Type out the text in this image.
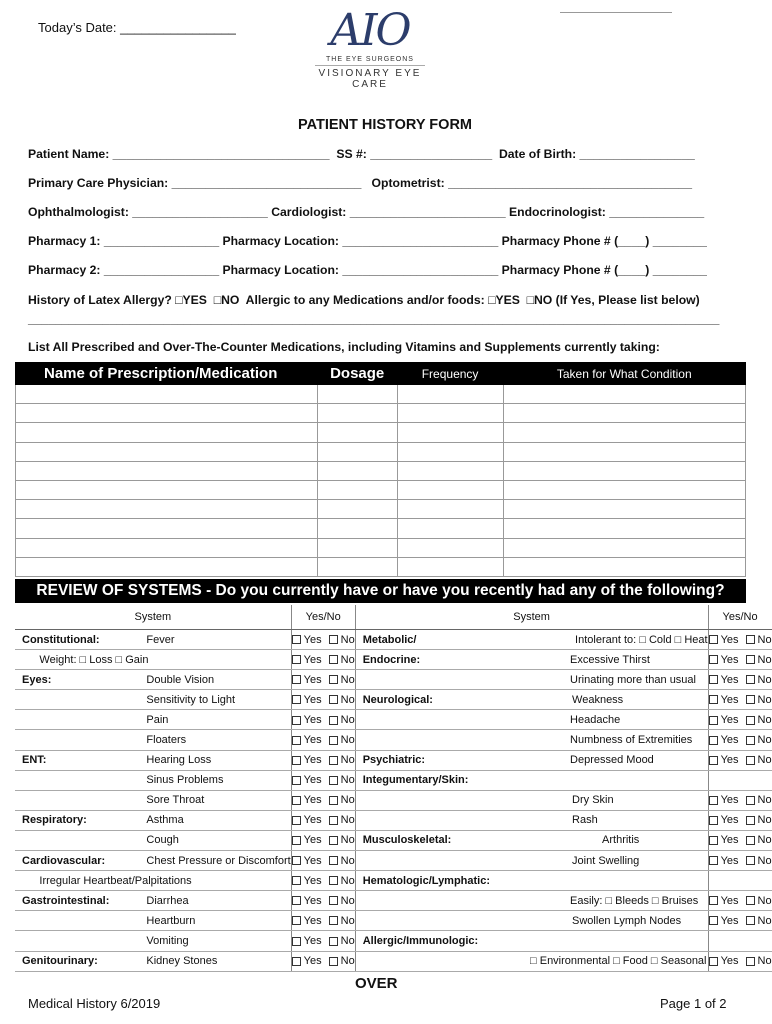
Today’s Date: ________________	AIO
THE EYE SURGEONS
VISIONARY EYE CARE
PATIENT HISTORY FORM
Patient Name: ________________________________  SS #: __________________  Date of Birth: _________________
Primary Care Physician: ____________________________   Optometrist: ____________________________________
Ophthalmologist: ____________________ Cardiologist: _______________________ Endocrinologist: ______________
Pharmacy 1: _________________ Pharmacy Location: _______________________ Pharmacy Phone # (____) ________
Pharmacy 2: _________________ Pharmacy Location: _______________________ Pharmacy Phone # (____) ________
History of Latex Allergy? □YES  □NO  Allergic to any Medications and/or foods: □YES  □NO (If Yes, Please list below)
______________________________________________________________________________________________________
List All Prescribed and Over-The-Counter Medications, including Vitamins and Supplements currently taking:
Name of Prescription/Medication	Dosage	Frequency	Taken for What Condition

REVIEW OF SYSTEMS - Do you currently have or have you recently had any of the following?
System		Yes/No	System		Yes/No
Constitutional:	Fever	Yes No	Metabolic/	Intolerant to: □ Cold □ Heat	Yes No
	Weight: □ Loss □ Gain	Yes No	Endocrine:	Excessive Thirst	Yes No
Eyes:	Double Vision	Yes No		Urinating more than usual	Yes No
	Sensitivity to Light	Yes No	Neurological:	Weakness	Yes No
	Pain	Yes No		Headache	Yes No
	Floaters	Yes No		Numbness of Extremities	Yes No
ENT:	Hearing Loss	Yes No	Psychiatric:	Depressed Mood	Yes No
	Sinus Problems	Yes No	Integumentary/Skin:		
	Sore Throat	Yes No		Dry Skin	Yes No
Respiratory:	Asthma	Yes No		Rash	Yes No
	Cough	Yes No	Musculoskeletal:	Arthritis	Yes No
Cardiovascular:	Chest Pressure or Discomfort	Yes No		Joint Swelling	Yes No
	Irregular Heartbeat/Palpitations	Yes No	Hematologic/Lymphatic:		
Gastrointestinal:	Diarrhea	Yes No		Easily: □ Bleeds □ Bruises	Yes No
	Heartburn	Yes No		Swollen Lymph Nodes	Yes No
	Vomiting	Yes No	Allergic/Immunologic:		
Genitourinary:	Kidney Stones	Yes No		□ Environmental □ Food □ Seasonal	Yes No
OVER
Medical History 6/2019	Page 1 of 2
